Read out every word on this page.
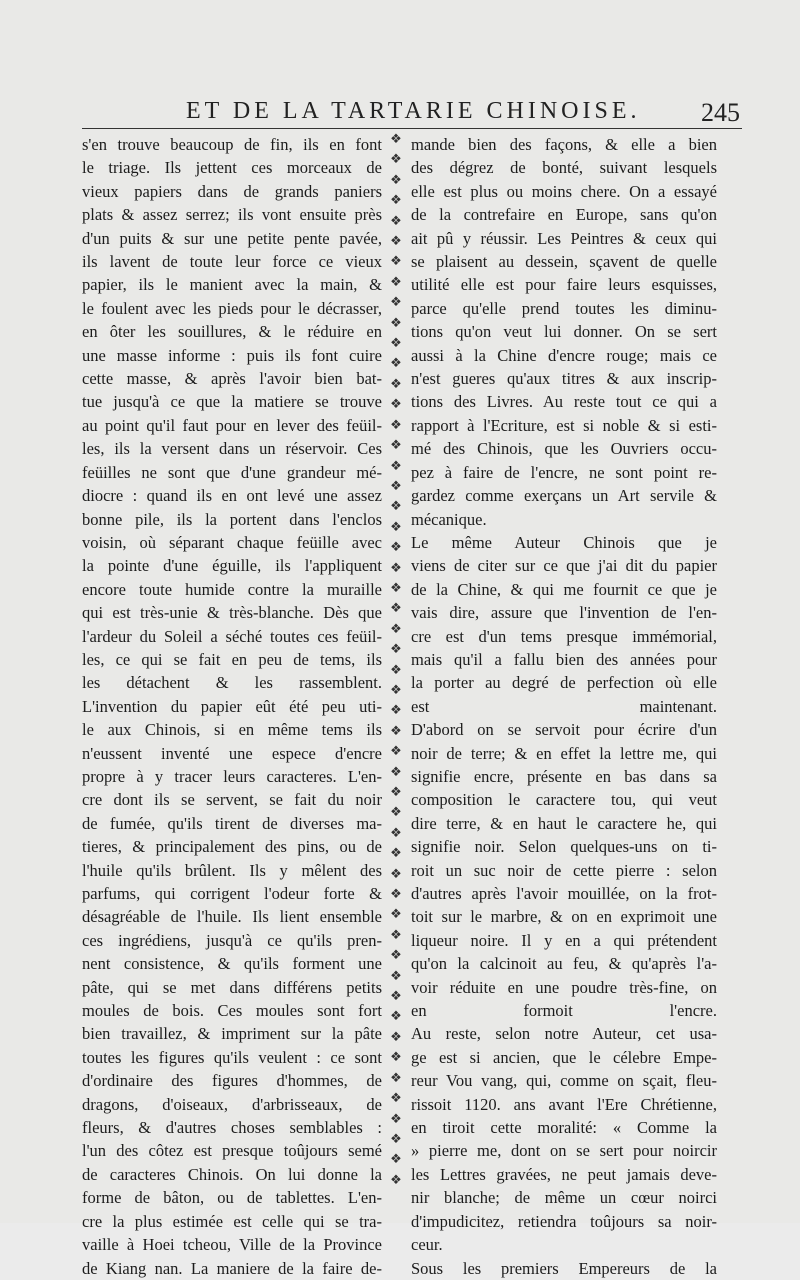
ET DE LA TARTARIE CHINOISE. 245
s'en trouve beaucoup de fin, ils en font
le triage. Ils jettent ces morceaux de
vieux papiers dans de grands paniers
plats & assez serrez; ils vont ensuite près
d'un puits & sur une petite pente pavée,
ils lavent de toute leur force ce vieux
papier, ils le manient avec la main, &
le foulent avec les pieds pour le décrasser,
en ôter les souillures, & le réduire en
une masse informe : puis ils font cuire
cette masse, & après l'avoir bien bat-
tue jusqu'à ce que la matiere se trouve
au point qu'il faut pour en lever des feüil-
les, ils la versent dans un réservoir. Ces
feüilles ne sont que d'une grandeur mé-
diocre : quand ils en ont levé une assez
bonne pile, ils la portent dans l'enclos
voisin, où séparant chaque feüille avec
la pointe d'une éguille, ils l'appliquent
encore toute humide contre la muraille
qui est très-unie & très-blanche. Dès que
l'ardeur du Soleil a séché toutes ces feüil-
les, ce qui se fait en peu de tems, ils
les détachent & les rassemblent.
L'invention du papier eût été peu uti-
le aux Chinois, si en même tems ils
n'eussent inventé une espece d'encre
propre à y tracer leurs caracteres. L'en-
cre dont ils se servent, se fait du noir
de fumée, qu'ils tirent de diverses ma-
tieres, & principalement des pins, ou de
l'huile qu'ils brûlent. Ils y mêlent des
parfums, qui corrigent l'odeur forte &
désagréable de l'huile. Ils lient ensemble
ces ingrédiens, jusqu'à ce qu'ils pren-
nent consistence, & qu'ils forment une
pâte, qui se met dans différens petits
moules de bois. Ces moules sont fort
bien travaillez, & impriment sur la pâte
toutes les figures qu'ils veulent : ce sont
d'ordinaire des figures d'hommes, de
dragons, d'oiseaux, d'arbrisseaux, de
fleurs, & d'autres choses semblables :
l'un des côtez est presque toûjours semé
de caracteres Chinois. On lui donne la
forme de bâton, ou de tablettes. L'en-
cre la plus estimée est celle qui se tra-
vaille à Hoei tcheou, Ville de la Province
de Kiang nan. La maniere de la faire de-
❖
❖
❖
❖
❖
❖
❖
❖
❖
❖
❖
❖
❖
❖
❖
❖
❖
❖
❖
❖
❖
❖
❖
❖
❖
❖
❖
❖
❖
❖
❖
❖
❖
❖
❖
❖
❖
❖
❖
❖
❖
❖
❖
❖
❖
❖
❖
❖
❖
❖
❖
❖
mande bien des façons, & elle a bien
des dégrez de bonté, suivant lesquels
elle est plus ou moins chere. On a essayé
de la contrefaire en Europe, sans qu'on
ait pû y réussir. Les Peintres & ceux qui
se plaisent au dessein, sçavent de quelle
utilité elle est pour faire leurs esquisses,
parce qu'elle prend toutes les diminu-
tions qu'on veut lui donner. On se sert
aussi à la Chine d'encre rouge; mais ce
n'est gueres qu'aux titres & aux inscrip-
tions des Livres. Au reste tout ce qui a
rapport à l'Ecriture, est si noble & si esti-
mé des Chinois, que les Ouvriers occu-
pez à faire de l'encre, ne sont point re-
gardez comme exerçans un Art servile &
mécanique.
Le même Auteur Chinois que je
viens de citer sur ce que j'ai dit du papier
de la Chine, & qui me fournit ce que je
vais dire, assure que l'invention de l'en-
cre est d'un tems presque immémorial,
mais qu'il a fallu bien des années pour
la porter au degré de perfection où elle
est maintenant.
D'abord on se servoit pour écrire d'un
noir de terre; & en effet la lettre me, qui
signifie encre, présente en bas dans sa
composition le caractere tou, qui veut
dire terre, & en haut le caractere he, qui
signifie noir. Selon quelques-uns on ti-
roit un suc noir de cette pierre : selon
d'autres après l'avoir mouillée, on la frot-
toit sur le marbre, & on en exprimoit une
liqueur noire. Il y en a qui prétendent
qu'on la calcinoit au feu, & qu'après l'a-
voir réduite en une poudre très-fine, on
en formoit l'encre.
Au reste, selon notre Auteur, cet usa-
ge est si ancien, que le célebre Empe-
reur Vou vang, qui, comme on sçait, fleu-
rissoit 1120. ans avant l'Ere Chrétienne,
en tiroit cette moralité: « Comme la
» pierre me, dont on se sert pour noircir
les Lettres gravées, ne peut jamais deve-
nir blanche; de même un cœur noirci
d'impudicitez, retiendra toûjours sa noir-
ceur.
Sous les premiers Empereurs de la
